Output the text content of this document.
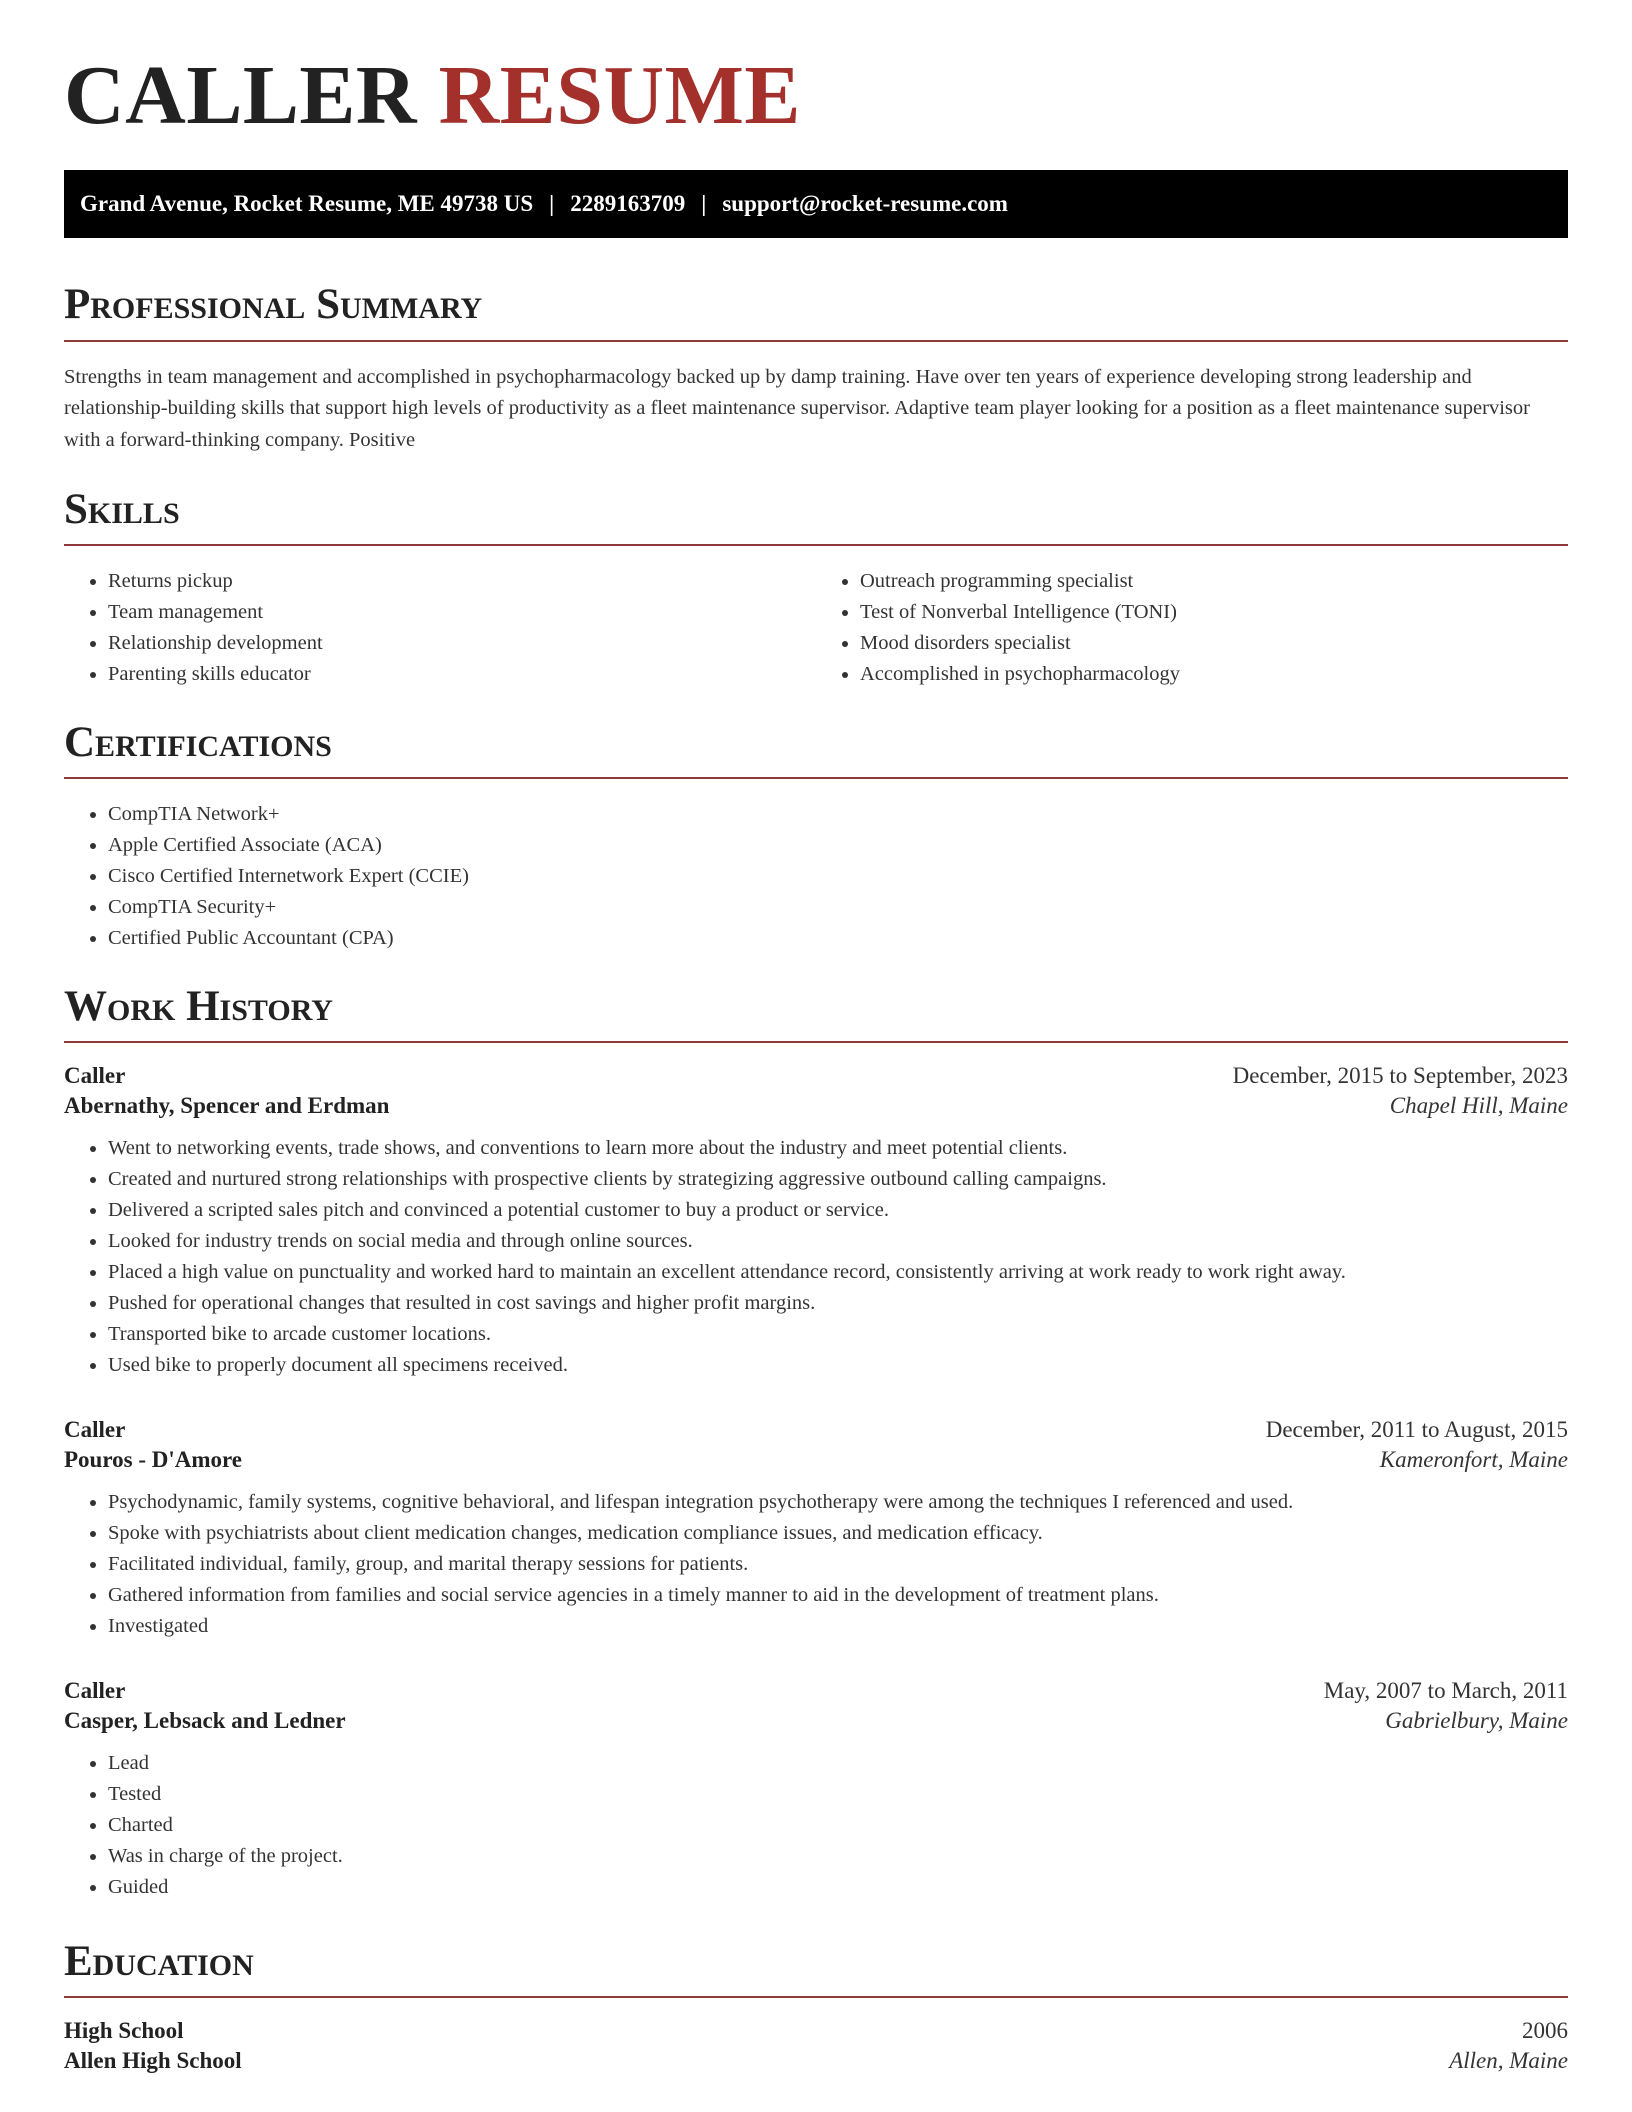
CALLER RESUME
Grand Avenue, Rocket Resume, ME 49738 US | 2289163709 | support@rocket-resume.com
Professional Summary

Strengths in team management and accomplished in psychopharmacology backed up by damp training. Have over ten years of experience developing strong leadership and relationship-building skills that support high levels of productivity as a fleet maintenance supervisor. Adaptive team player looking for a position as a fleet maintenance supervisor with a forward-thinking company. Positive

Skills
• Returns pickup
• Team management
• Relationship development
• Parenting skills educator
• Outreach programming specialist
• Test of Nonverbal Intelligence (TONI)
• Mood disorders specialist
• Accomplished in psychopharmacology
Certifications
• CompTIA Network+
• Apple Certified Associate (ACA)
• Cisco Certified Internetwork Expert (CCIE)
• CompTIA Security+
• Certified Public Accountant (CPA)
Work History
Caller	December, 2015 to September, 2023
Abernathy, Spencer and Erdman	Chapel Hill, Maine
• Went to networking events, trade shows, and conventions to learn more about the industry and meet potential clients.
• Created and nurtured strong relationships with prospective clients by strategizing aggressive outbound calling campaigns.
• Delivered a scripted sales pitch and convinced a potential customer to buy a product or service.
• Looked for industry trends on social media and through online sources.
• Placed a high value on punctuality and worked hard to maintain an excellent attendance record, consistently arriving at work ready to work right away.
• Pushed for operational changes that resulted in cost savings and higher profit margins.
• Transported bike to arcade customer locations.
• Used bike to properly document all specimens received.
Caller	December, 2011 to August, 2015
Pouros - D'Amore	Kameronfort, Maine
• Psychodynamic, family systems, cognitive behavioral, and lifespan integration psychotherapy were among the techniques I referenced and used.
• Spoke with psychiatrists about client medication changes, medication compliance issues, and medication efficacy.
• Facilitated individual, family, group, and marital therapy sessions for patients.
• Gathered information from families and social service agencies in a timely manner to aid in the development of treatment plans.
• Investigated
Caller	May, 2007 to March, 2011
Casper, Lebsack and Ledner	Gabrielbury, Maine
• Lead
• Tested
• Charted
• Was in charge of the project.
• Guided
Education
High School	2006
Allen High School	Allen, Maine
